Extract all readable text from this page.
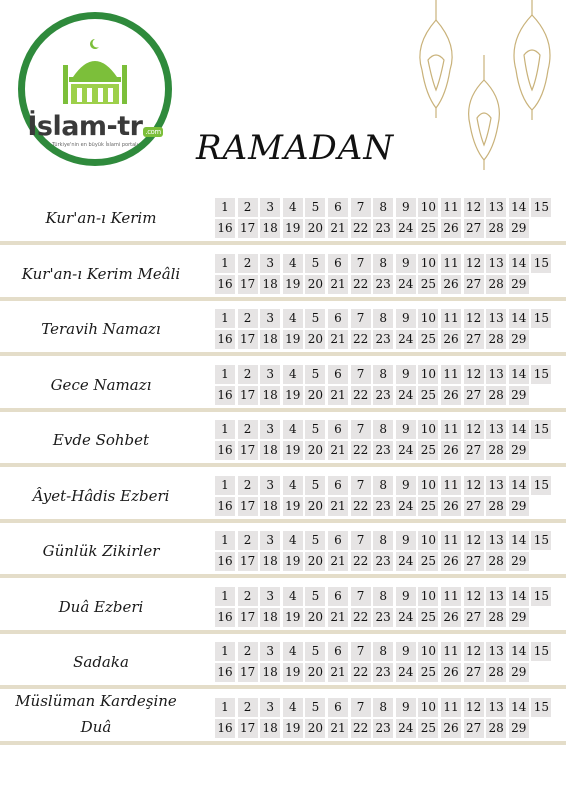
İslam-tr .com
Türkiye'nin en büyük İslami portalı	RAMADAN
Kur'an-ı Kerim
1	2	3	4	5	6	7	8	9 10 11 12 13 14 15
16 17 18 19 20 21 22 23 24 25 26 27 28 29
Kur'an-ı Kerim Meâli
1	2	3	4	5	6	7	8	9 10 11 12 13 14 15
16 17 18 19 20 21 22 23 24 25 26 27 28 29
Teravih Namazı
1	2	3	4	5	6	7	8	9 10 11 12 13 14 15
16 17 18 19 20 21 22 23 24 25 26 27 28 29
Gece Namazı
1	2	3	4	5	6	7	8	9 10 11 12 13 14 15
16 17 18 19 20 21 22 23 24 25 26 27 28 29
Evde Sohbet
1	2	3	4	5	6	7	8	9 10 11 12 13 14 15
16 17 18 19 20 21 22 23 24 25 26 27 28 29
Âyet-Hâdis Ezberi
1	2	3	4	5	6	7	8	9 10 11 12 13 14 15
16 17 18 19 20 21 22 23 24 25 26 27 28 29
Günlük Zikirler
1	2	3	4	5	6	7	8	9 10 11 12 13 14 15
16 17 18 19 20 21 22 23 24 25 26 27 28 29
Duâ Ezberi
1	2	3	4	5	6	7	8	9 10 11 12 13 14 15
16 17 18 19 20 21 22 23 24 25 26 27 28 29
Sadaka
1	2	3	4	5	6	7	8	9 10 11 12 13 14 15
16 17 18 19 20 21 22 23 24 25 26 27 28 29
Müslüman Kardeşine Duâ
1	2	3	4	5	6	7	8	9 10 11 12 13 14 15
16 17 18 19 20 21 22 23 24 25 26 27 28 29
